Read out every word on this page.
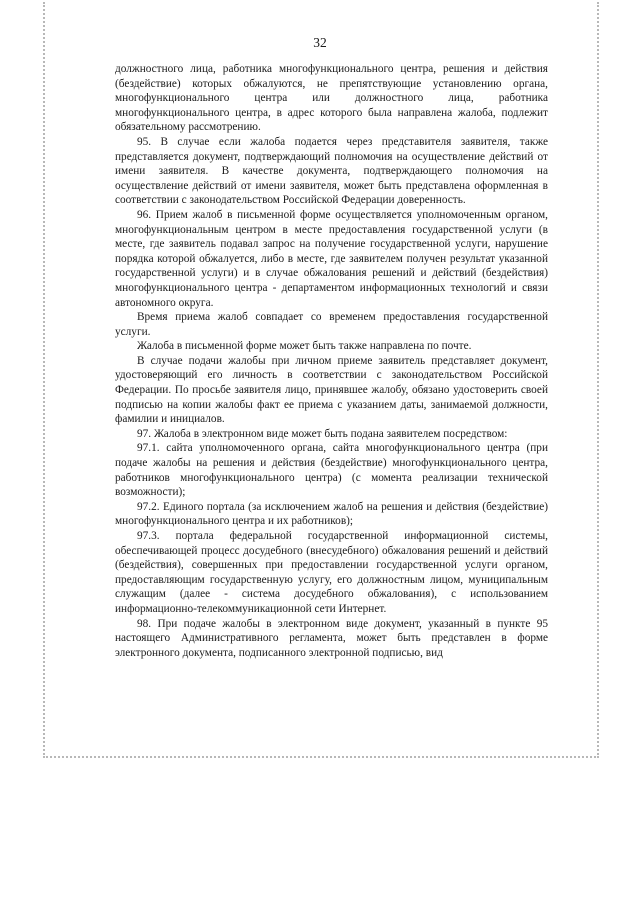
32

должностного лица, работника многофункционального центра, решения и действия (бездействие) которых обжалуются, не препятствующие установлению органа, многофункционального центра или должностного лица, работника многофункционального центра, в адрес которого была направлена жалоба, подлежит обязательному рассмотрению.

95. В случае если жалоба подается через представителя заявителя, также представляется документ, подтверждающий полномочия на осуществление действий от имени заявителя. В качестве документа, подтверждающего полномочия на осуществление действий от имени заявителя, может быть представлена оформленная в соответствии с законодательством Российской Федерации доверенность.

96. Прием жалоб в письменной форме осуществляется уполномоченным органом, многофункциональным центром в месте предоставления государственной услуги (в месте, где заявитель подавал запрос на получение государственной услуги, нарушение порядка которой обжалуется, либо в месте, где заявителем получен результат указанной государственной услуги) и в случае обжалования решений и действий (бездействия) многофункционального центра - департаментом информационных технологий и связи автономного округа.

Время приема жалоб совпадает со временем предоставления государственной услуги.

Жалоба в письменной форме может быть также направлена по почте.

В случае подачи жалобы при личном приеме заявитель представляет документ, удостоверяющий его личность в соответствии с законодательством Российской Федерации. По просьбе заявителя лицо, принявшее жалобу, обязано удостоверить своей подписью на копии жалобы факт ее приема с указанием даты, занимаемой должности, фамилии и инициалов.

97. Жалоба в электронном виде может быть подана заявителем посредством:

97.1. сайта уполномоченного органа, сайта многофункционального центра (при подаче жалобы на решения и действия (бездействие) многофункционального центра, работников многофункционального центра) (с момента реализации технической возможности);

97.2. Единого портала (за исключением жалоб на решения и действия (бездействие) многофункционального центра и их работников);

97.3. портала федеральной государственной информационной системы, обеспечивающей процесс досудебного (внесудебного) обжалования решений и действий (бездействия), совершенных при предоставлении государственной услуги органом, предоставляющим государственную услугу, его должностным лицом, муниципальным служащим (далее - система досудебного обжалования), с использованием информационно-телекоммуникационной сети Интернет.

98. При подаче жалобы в электронном виде документ, указанный в пункте 95 настоящего Административного регламента, может быть представлен в форме электронного документа, подписанного электронной подписью, вид
